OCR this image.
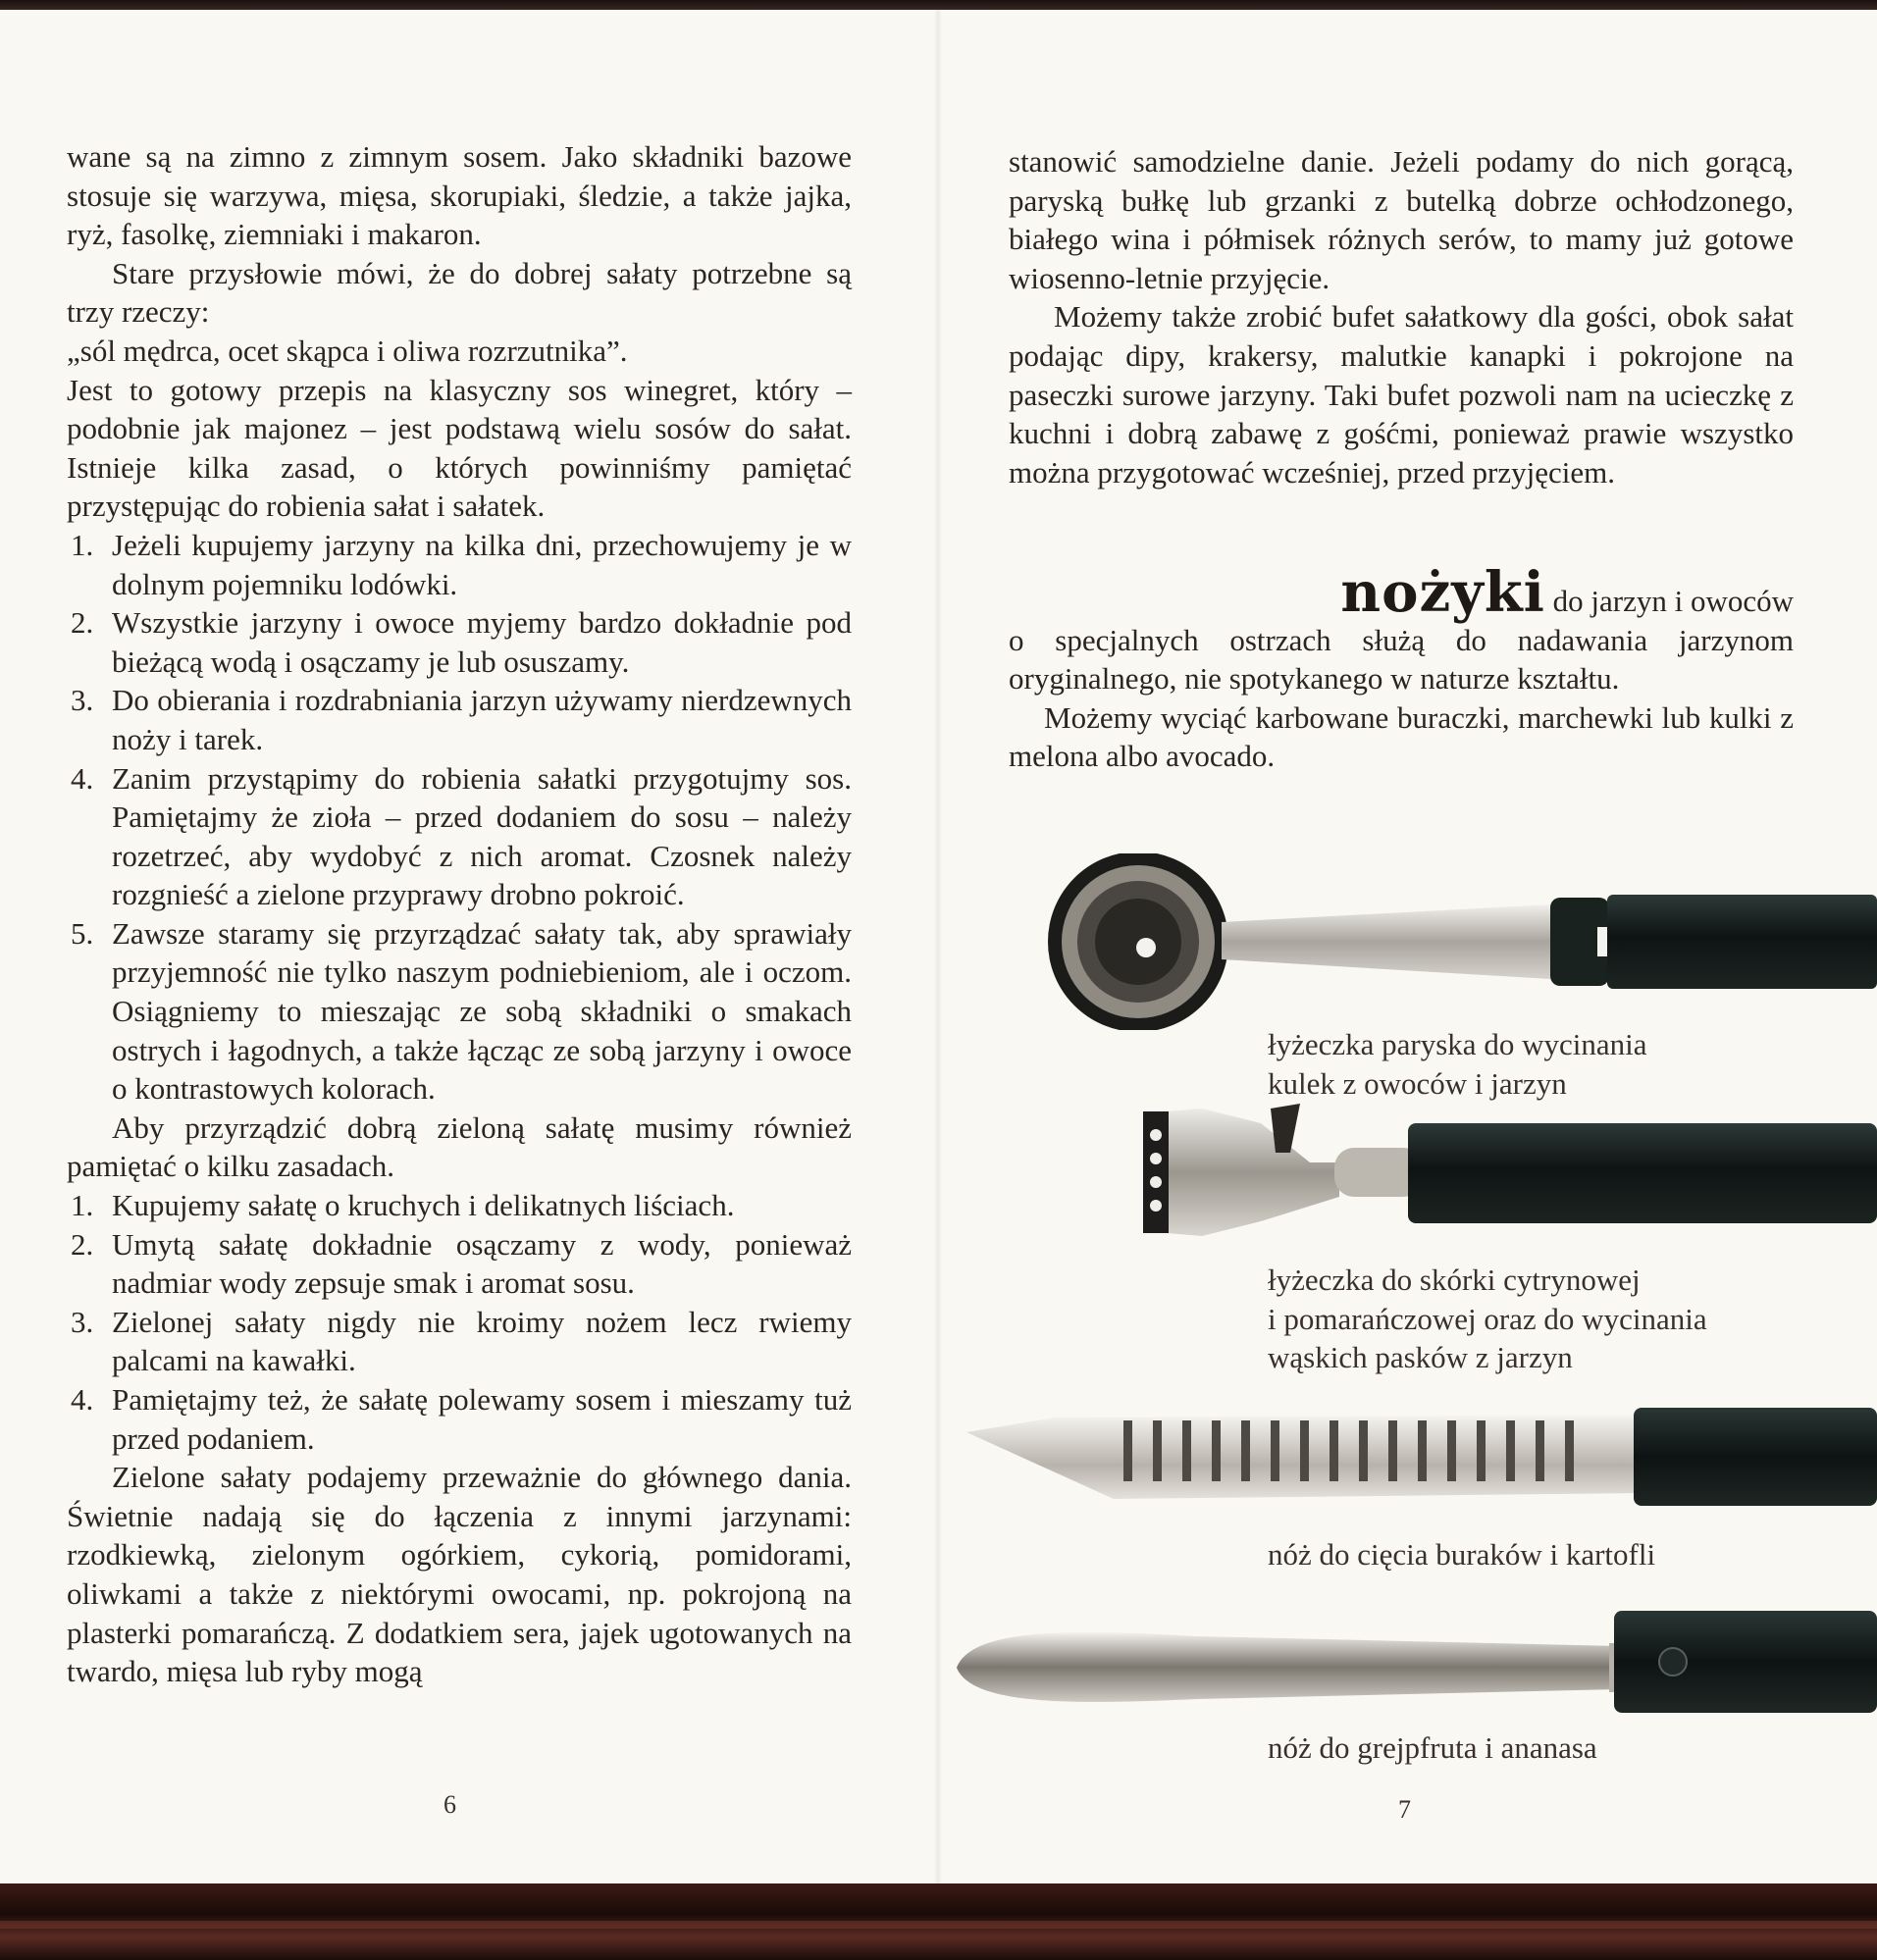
wane są na zimno z zimnym sosem. Jako składniki bazowe stosuje się warzywa, mięsa, skorupiaki, śledzie, a także jajka, ryż, fasolkę, ziemniaki i makaron.

Stare przysłowie mówi, że do dobrej sałaty potrzebne są trzy rzeczy:

„sól mędrca, ocet skąpca i oliwa rozrzutnika”.

Jest to gotowy przepis na klasyczny sos winegret, który – podobnie jak majonez – jest podstawą wielu sosów do sałat. Istnieje kilka zasad, o których powinniśmy pamiętać przystępując do robienia sałat i sałatek.

1. Jeżeli kupujemy jarzyny na kilka dni, przechowujemy je w dolnym pojemniku lodówki.
2. Wszystkie jarzyny i owoce myjemy bardzo dokładnie pod bieżącą wodą i osączamy je lub osuszamy.
3. Do obierania i rozdrabniania jarzyn używamy nierdzewnych noży i tarek.
4. Zanim przystąpimy do robienia sałatki przygotujmy sos. Pamiętajmy że zioła – przed dodaniem do sosu – należy rozetrzeć, aby wydobyć z nich aromat. Czosnek należy rozgnieść a zielone przyprawy drobno pokroić.
5. Zawsze staramy się przyrządzać sałaty tak, aby sprawiały przyjemność nie tylko naszym podniebieniom, ale i oczom. Osiągniemy to mieszając ze sobą składniki o smakach ostrych i łagodnych, a także łącząc ze sobą jarzyny i owoce o kontrastowych kolorach.

Aby przyrządzić dobrą zieloną sałatę musimy również pamiętać o kilku zasadach.

1. Kupujemy sałatę o kruchych i delikatnych liściach.
2. Umytą sałatę dokładnie osączamy z wody, ponieważ nadmiar wody zepsuje smak i aromat sosu.
3. Zielonej sałaty nigdy nie kroimy nożem lecz rwiemy palcami na kawałki.
4. Pamiętajmy też, że sałatę polewamy sosem i mieszamy tuż przed podaniem.

Zielone sałaty podajemy przeważnie do głównego dania. Świetnie nadają się do łączenia z innymi jarzynami: rzodkiewką, zielonym ogórkiem, cykorią, pomidorami, oliwkami a także z niektórymi owocami, np. pokrojoną na plasterki pomarańczą. Z dodatkiem sera, jajek ugotowanych na twardo, mięsa lub ryby mogą

6

stanowić samodzielne danie. Jeżeli podamy do nich gorącą, paryską bułkę lub grzanki z butelką dobrze ochłodzonego, białego wina i półmisek różnych serów, to mamy już gotowe wiosenno-letnie przyjęcie.

Możemy także zrobić bufet sałatkowy dla gości, obok sałat podając dipy, krakersy, malutkie kanapki i pokrojone na paseczki surowe jarzyny. Taki bufet pozwoli nam na ucieczkę z kuchni i dobrą zabawę z gośćmi, ponieważ prawie wszystko można przygotować wcześniej, przed przyjęciem.

nożyki do jarzyn i owoców

o specjalnych ostrzach służą do nadawania jarzynom oryginalnego, nie spotykanego w naturze kształtu.

Możemy wyciąć karbowane buraczki, marchewki lub kulki z melona albo avocado.

łyżeczka paryska do wycinania
kulek z owoców i jarzyn
łyżeczka do skórki cytrynowej
i pomarańczowej oraz do wycinania
wąskich pasków z jarzyn
nóż do cięcia buraków i kartofli
nóż do grejpfruta i ananasa
7
